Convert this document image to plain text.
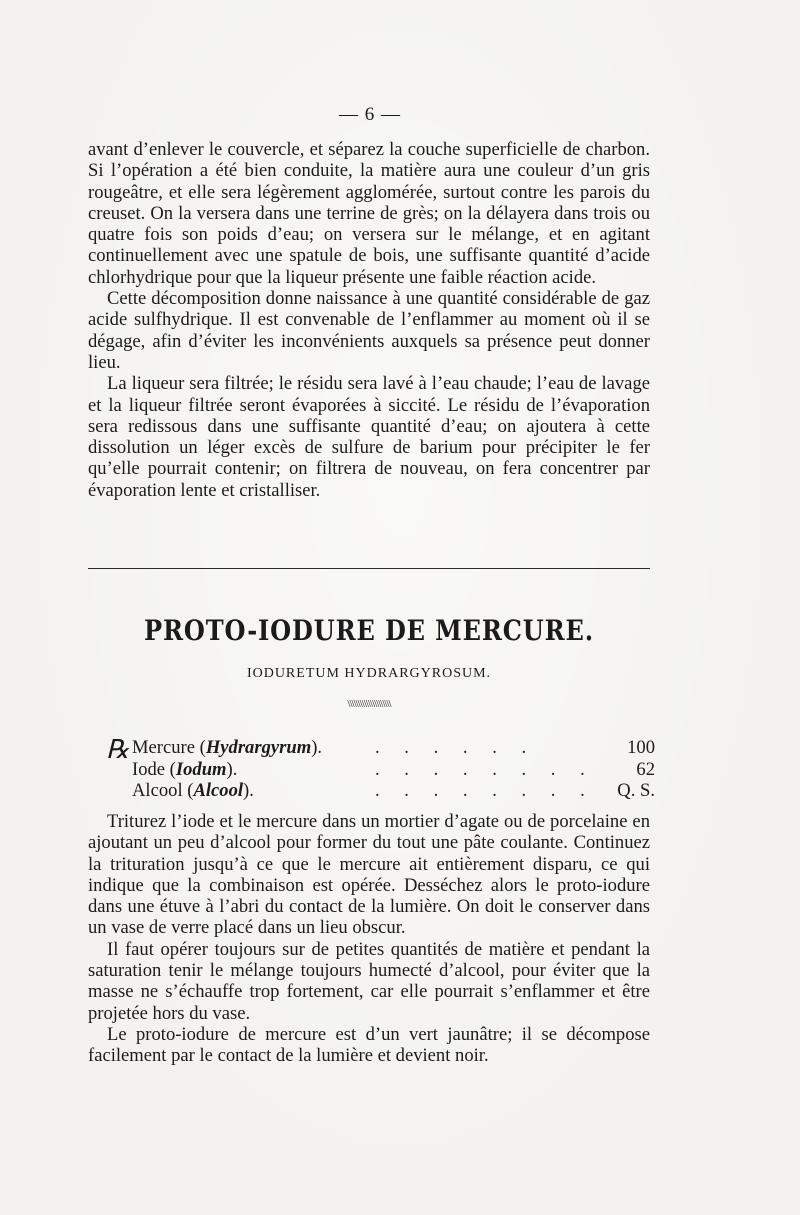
— 6 —

avant d’enlever le couvercle, et séparez la couche superficielle de charbon. Si l’opération a été bien conduite, la matière aura une couleur d’un gris rougeâtre, et elle sera légèrement agglomérée, surtout contre les parois du creuset. On la versera dans une terrine de grès; on la délayera dans trois ou quatre fois son poids d’eau; on versera sur le mélange, et en agitant continuellement avec une spatule de bois, une suffisante quantité d’acide chlorhydrique pour que la liqueur présente une faible réaction acide.

Cette décomposition donne naissance à une quantité considérable de gaz acide sulfhydrique. Il est convenable de l’enflammer au moment où il se dégage, afin d’éviter les inconvénients auxquels sa présence peut donner lieu.

La liqueur sera filtrée; le résidu sera lavé à l’eau chaude; l’eau de lavage et la liqueur filtrée seront évaporées à siccité. Le résidu de l’évaporation sera redissous dans une suffisante quantité d’eau; on ajoutera à cette dissolution un léger excès de sulfure de barium pour précipiter le fer qu’elle pourrait contenir; on filtrera de nouveau, on fera concentrer par évaporation lente et cristalliser.

PROTO-IODURE DE MERCURE.
IODURETUM HYDRARGYROSUM.
\\\\\\\\\\\\\\\\\\\\\
℞ Mercure (Hydrargyrum).	. . . . . .	100
Iode (Iodum).	. . . . . . . .	62
Alcool (Alcool).	. . . . . . . . Q. S.

Triturez l’iode et le mercure dans un mortier d’agate ou de porcelaine en ajoutant un peu d’alcool pour former du tout une pâte coulante. Continuez la trituration jusqu’à ce que le mercure ait entièrement disparu, ce qui indique que la combinaison est opérée. Desséchez alors le proto-iodure dans une étuve à l’abri du contact de la lumière. On doit le conserver dans un vase de verre placé dans un lieu obscur.

Il faut opérer toujours sur de petites quantités de matière et pendant la saturation tenir le mélange toujours humecté d’alcool, pour éviter que la masse ne s’échauffe trop fortement, car elle pourrait s’enflammer et être projetée hors du vase.

Le proto-iodure de mercure est d’un vert jaunâtre; il se décompose facilement par le contact de la lumière et devient noir.
